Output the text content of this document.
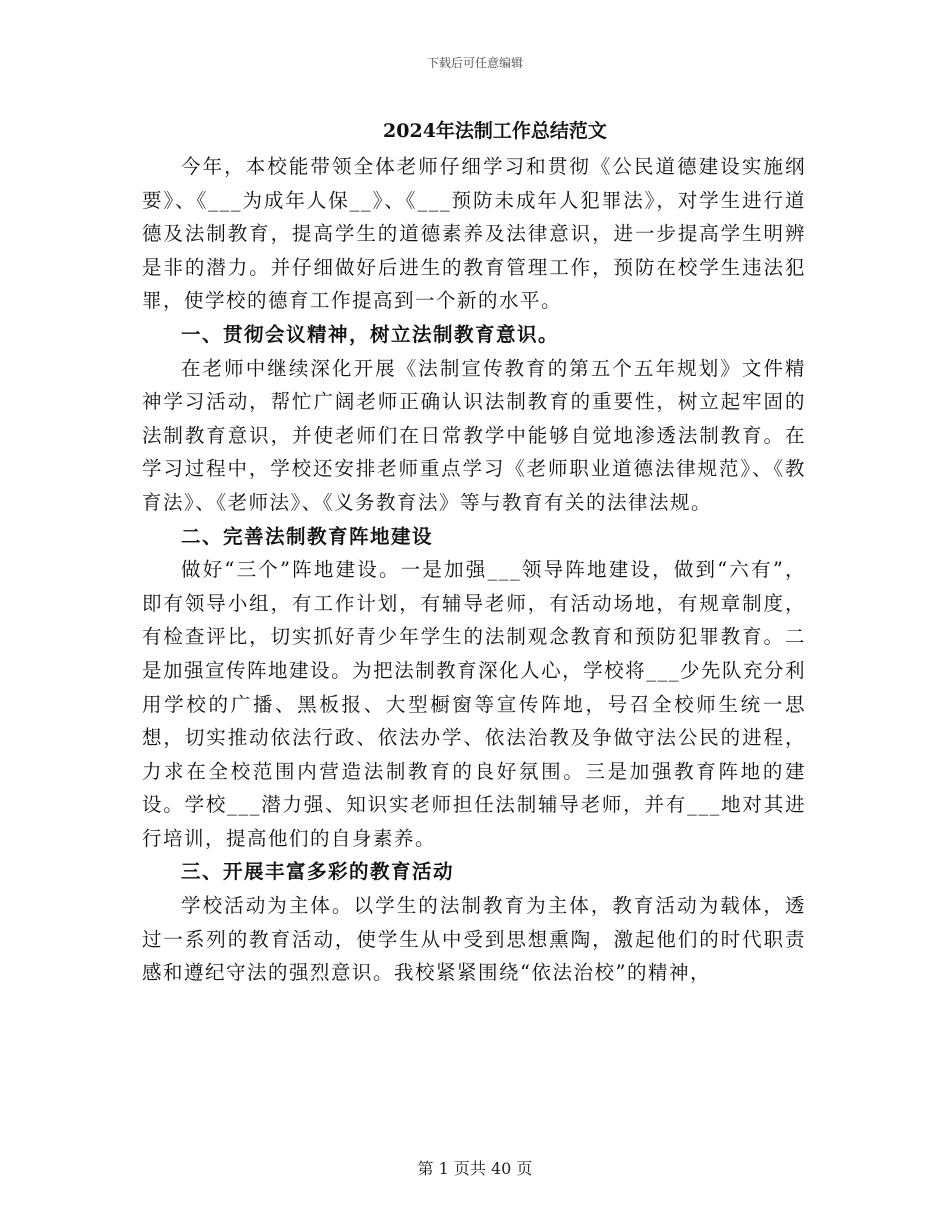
下载后可任意编辑
2024年法制工作总结范文

今年，本校能带领全体老师仔细学习和贯彻《公民道德建设实施纲要》、《___为成年人保__》、《___预防未成年人犯罪法》，对学生进行道德及法制教育，提高学生的道德素养及法律意识，进一步提高学生明辨是非的潜力。并仔细做好后进生的教育管理工作，预防在校学生违法犯罪，使学校的德育工作提高到一个新的水平。

一、贯彻会议精神，树立法制教育意识。

在老师中继续深化开展《法制宣传教育的第五个五年规划》文件精神学习活动，帮忙广阔老师正确认识法制教育的重要性，树立起牢固的法制教育意识，并使老师们在日常教学中能够自觉地渗透法制教育。在学习过程中，学校还安排老师重点学习《老师职业道德法律规范》、《教育法》、《老师法》、《义务教育法》等与教育有关的法律法规。

二、完善法制教育阵地建设

做好“三个”阵地建设。一是加强___领导阵地建设，做到“六有”，即有领导小组，有工作计划，有辅导老师，有活动场地，有规章制度，有检查评比，切实抓好青少年学生的法制观念教育和预防犯罪教育。二是加强宣传阵地建设。为把法制教育深化人心，学校将___少先队充分利用学校的广播、黑板报、大型橱窗等宣传阵地，号召全校师生统一思想，切实推动依法行政、依法办学、依法治教及争做守法公民的进程，力求在全校范围内营造法制教育的良好氛围。三是加强教育阵地的建设。学校___潜力强、知识实老师担任法制辅导老师，并有___地对其进行培训，提高他们的自身素养。

三、开展丰富多彩的教育活动

学校活动为主体。以学生的法制教育为主体，教育活动为载体，透过一系列的教育活动，使学生从中受到思想熏陶，激起他们的时代职责感和遵纪守法的强烈意识。我校紧紧围绕“依法治校”的精神，

第 1 页共 40 页
